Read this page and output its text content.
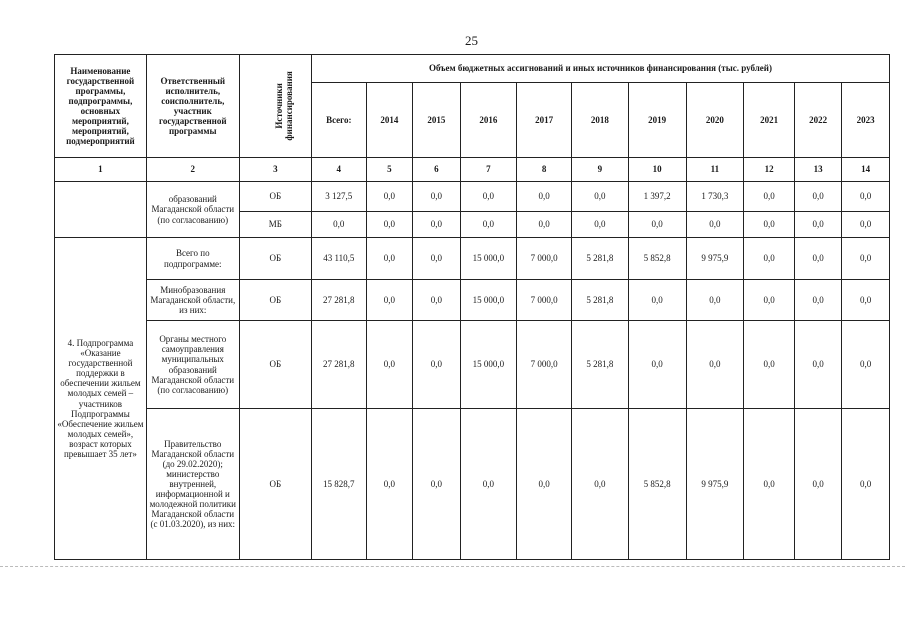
25
Наименование государственной программы, подпрограммы, основных мероприятий, мероприятий, подмероприятий	Ответственный исполнитель, соисполнитель, участник государственной программы	Источники финансирования	Объем бюджетных ассигнований и иных источников финансирования (тыс. рублей)										
			Всего:	2014	2015	2016	2017	2018	2019	2020	2021	2022	2023
1	2	3	4	5	6	7	8	9	10	11	12	13	14
	образований Магаданской области (по согласованию)	ОБ	3 127,5	0,0	0,0	0,0	0,0	0,0	1 397,2	1 730,3	0,0	0,0	0,0
		МБ	0,0	0,0	0,0	0,0	0,0	0,0	0,0	0,0	0,0	0,0	0,0
4. Подпрограмма «Оказание государственной поддержки в обеспечении жильем молодых семей – участников Подпрограммы «Обеспечение жильем молодых семей», возраст которых превышает 35 лет»	Всего по подпрограмме:	ОБ	43 110,5	0,0	0,0	15 000,0	7 000,0	5 281,8	5 852,8	9 975,9	0,0	0,0	0,0
	Минобразования Магаданской области, из них:	ОБ	27 281,8	0,0	0,0	15 000,0	7 000,0	5 281,8	0,0	0,0	0,0	0,0	0,0
	Органы местного самоуправления муниципальных образований Магаданской области (по согласованию)	ОБ	27 281,8	0,0	0,0	15 000,0	7 000,0	5 281,8	0,0	0,0	0,0	0,0	0,0
	Правительство Магаданской области (до 29.02.2020); министерство внутренней, информационной и молодежной политики Магаданской области (с 01.03.2020), из них:	ОБ	15 828,7	0,0	0,0	0,0	0,0	0,0	5 852,8	9 975,9	0,0	0,0	0,0
